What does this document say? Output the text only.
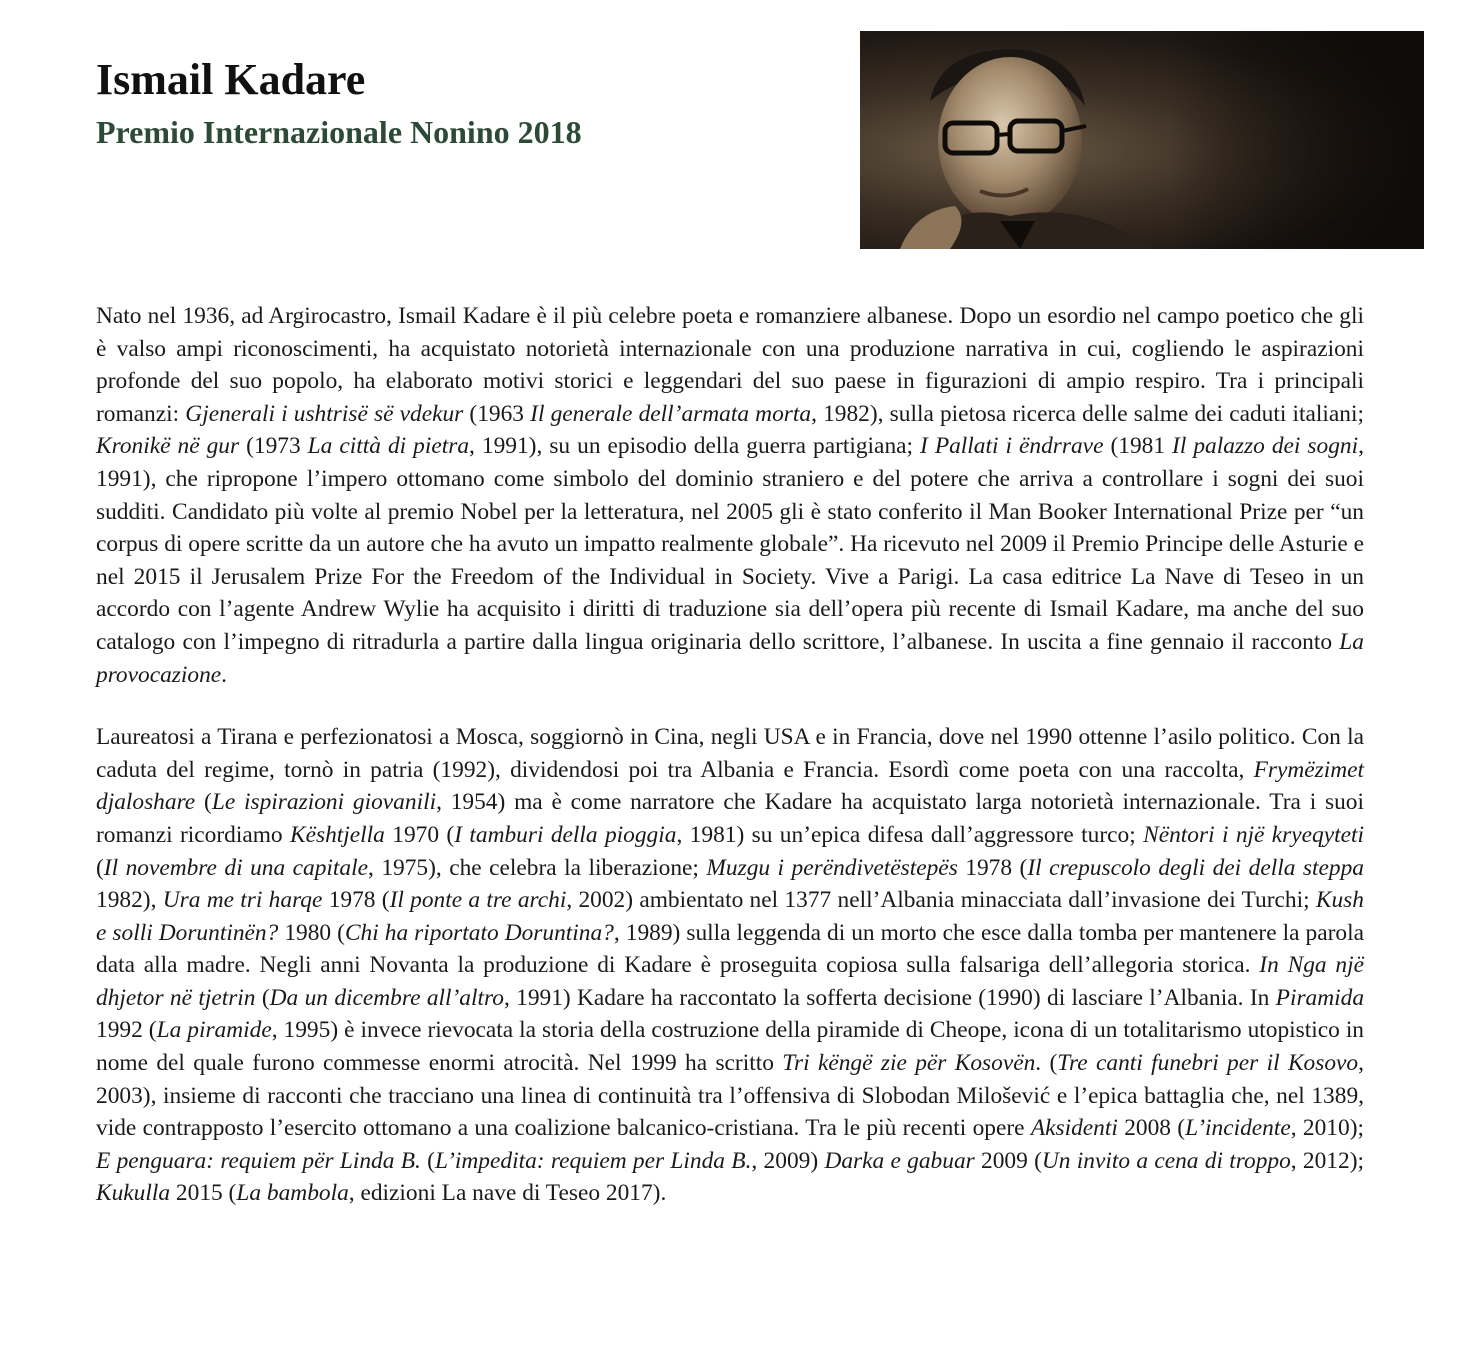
Ismail Kadare
Premio Internazionale Nonino 2018

Nato nel 1936, ad Argirocastro, Ismail Kadare è il più celebre poeta e romanziere albanese. Dopo un esordio nel campo poetico che gli è valso ampi riconoscimenti, ha acquistato notorietà internazionale con una produzione narrativa in cui, cogliendo le aspirazioni profonde del suo popolo, ha elaborato motivi storici e leggendari del suo paese in figurazioni di ampio respiro. Tra i principali romanzi: Gjenerali i ushtrisë së vdekur (1963 Il generale dell’armata morta, 1982), sulla pietosa ricerca delle salme dei caduti italiani; Kronikë në gur (1973 La città di pietra, 1991), su un episodio della guerra partigiana; I Pallati i ëndrrave (1981 Il palazzo dei sogni, 1991), che ripropone l’impero ottomano come simbolo del dominio straniero e del potere che arriva a controllare i sogni dei suoi sudditi. Candidato più volte al premio Nobel per la letteratura, nel 2005 gli è stato conferito il Man Booker International Prize per “un corpus di opere scritte da un autore che ha avuto un impatto realmente globale”. Ha ricevuto nel 2009 il Premio Principe delle Asturie e nel 2015 il Jerusalem Prize For the Freedom of the Individual in Society. Vive a Parigi. La casa editrice La Nave di Teseo in un accordo con l’agente Andrew Wylie ha acquisito i diritti di traduzione sia dell’opera più recente di Ismail Kadare, ma anche del suo catalogo con l’impegno di ritradurla a partire dalla lingua originaria dello scrittore, l’albanese. In uscita a fine gennaio il racconto La provocazione.

Laureatosi a Tirana e perfezionatosi a Mosca, soggiornò in Cina, negli USA e in Francia, dove nel 1990 ottenne l’asilo politico. Con la caduta del regime, tornò in patria (1992), dividendosi poi tra Albania e Francia. Esordì come poeta con una raccolta, Frymëzimet djaloshare (Le ispirazioni giovanili, 1954) ma è come narratore che Kadare ha acquistato larga notorietà internazionale. Tra i suoi romanzi ricordiamo Kështjella 1970 (I tamburi della pioggia, 1981) su un’epica difesa dall’aggressore turco; Nëntori i një kryeqyteti (Il novembre di una capitale, 1975), che celebra la liberazione; Muzgu i perëndivetëstepës 1978 (Il crepuscolo degli dei della steppa 1982), Ura me tri harqe 1978 (Il ponte a tre archi, 2002) ambientato nel 1377 nell’Albania minacciata dall’invasione dei Turchi; Kush e solli Doruntinën? 1980 (Chi ha riportato Doruntina?, 1989) sulla leggenda di un morto che esce dalla tomba per mantenere la parola data alla madre. Negli anni Novanta la produzione di Kadare è proseguita copiosa sulla falsariga dell’allegoria storica. In Nga një dhjetor në tjetrin (Da un dicembre all’altro, 1991) Kadare ha raccontato la sofferta decisione (1990) di lasciare l’Albania. In Piramida 1992 (La piramide, 1995) è invece rievocata la storia della costruzione della piramide di Cheope, icona di un totalitarismo utopistico in nome del quale furono commesse enormi atrocità. Nel 1999 ha scritto Tri këngë zie për Kosovën. (Tre canti funebri per il Kosovo, 2003), insieme di racconti che tracciano una linea di continuità tra l’offensiva di Slobodan Milošević e l’epica battaglia che, nel 1389, vide contrapposto l’esercito ottomano a una coalizione balcanico-cristiana. Tra le più recenti opere Aksidenti 2008 (L’incidente, 2010); E penguara: requiem për Linda B. (L’impedita: requiem per Linda B., 2009) Darka e gabuar 2009 (Un invito a cena di troppo, 2012); Kukulla 2015 (La bambola, edizioni La nave di Teseo 2017).
